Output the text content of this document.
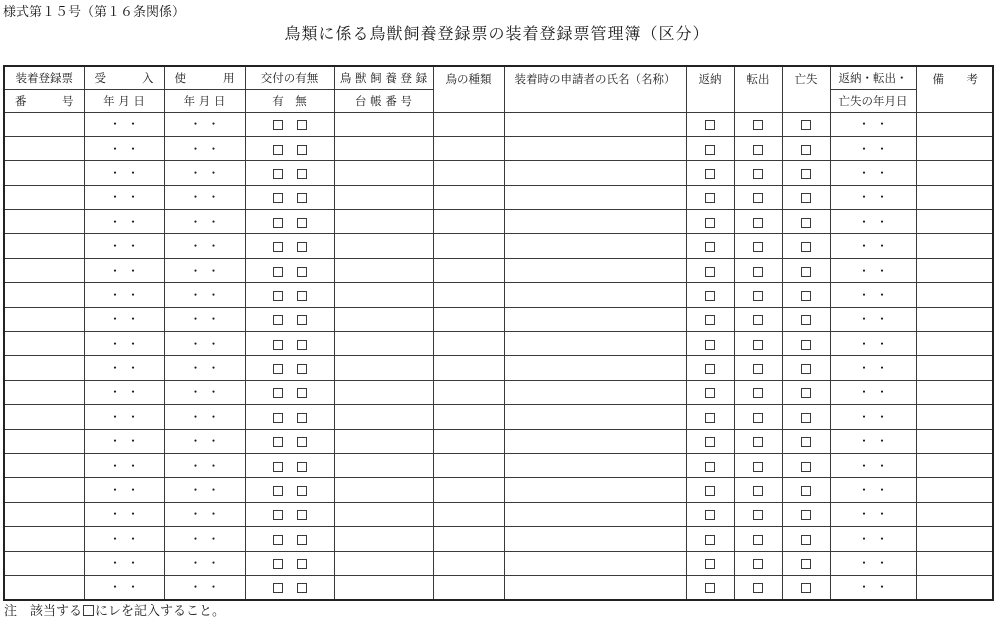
様式第１５号（第１６条関係）
鳥類に係る鳥獣飼養登録票の装着登録票管理簿（区分）
装着登録票	受 入	使 用	交付の有無	鳥 獣 飼 養 登 録	鳥の種類	装着時の申請者の氏名（名称）	返納	転出	亡失	返納・転出・	備 考

番 号	年 月 日	年 月 日	有　無	台 帳 番 号						亡失の年月日	

	・ ・	・ ・								・ ・	
	・ ・	・ ・								・ ・	
	・ ・	・ ・								・ ・	
	・ ・	・ ・								・ ・	
	・ ・	・ ・								・ ・	
	・ ・	・ ・								・ ・	
	・ ・	・ ・								・ ・	
	・ ・	・ ・								・ ・	
	・ ・	・ ・								・ ・	
	・ ・	・ ・								・ ・	
	・ ・	・ ・								・ ・	
	・ ・	・ ・								・ ・	
	・ ・	・ ・								・ ・	
	・ ・	・ ・								・ ・	
	・ ・	・ ・								・ ・	
	・ ・	・ ・								・ ・	
	・ ・	・ ・								・ ・	
	・ ・	・ ・								・ ・	
	・ ・	・ ・								・ ・	
	・ ・	・ ・								・ ・	
注　該当する にレを記入すること。
